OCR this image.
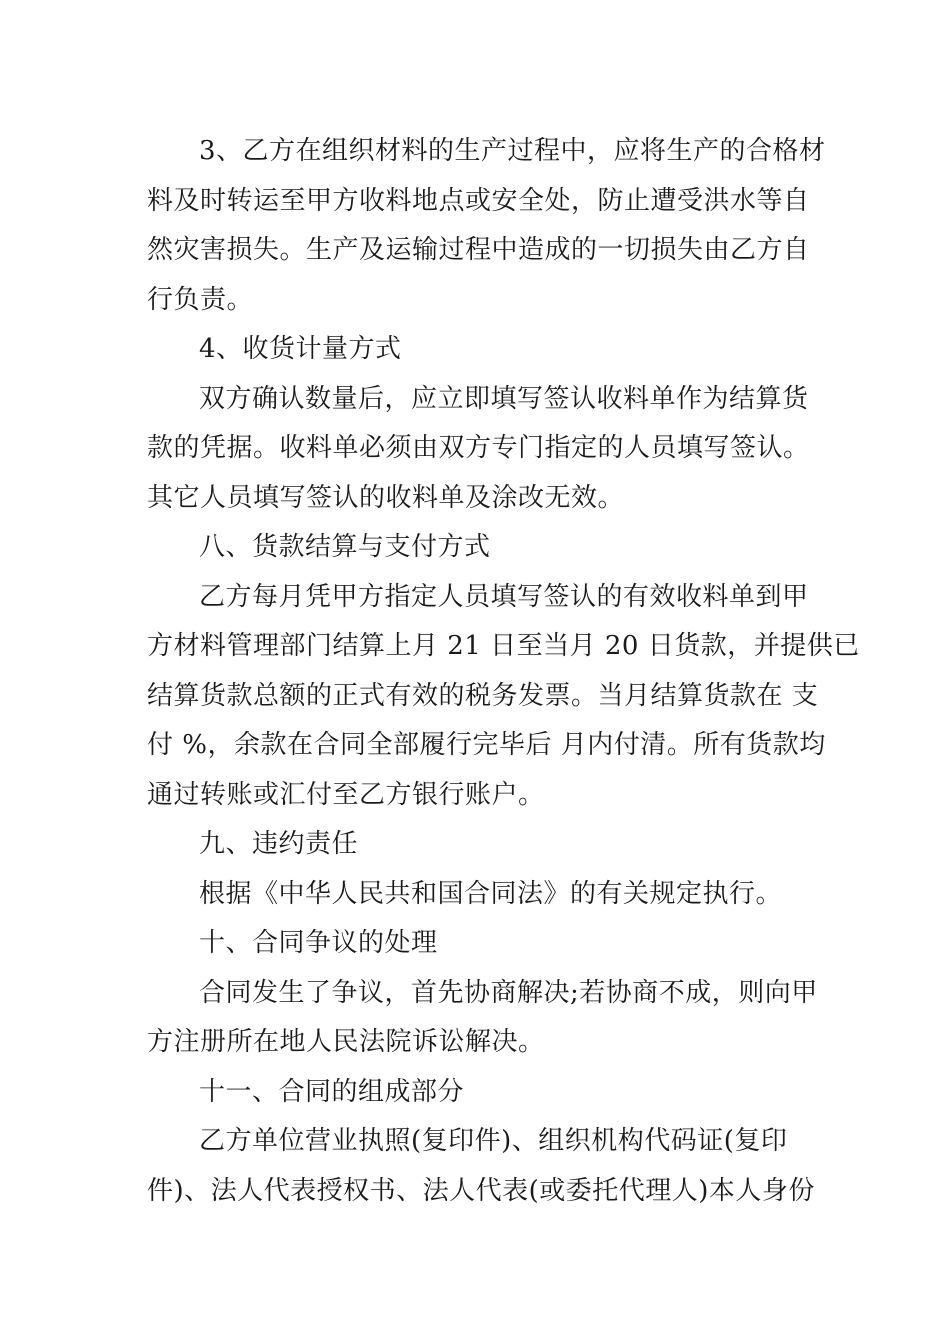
3、乙方在组织材料的生产过程中，应将生产的合格材
料及时转运至甲方收料地点或安全处，防止遭受洪水等自
然灾害损失。生产及运输过程中造成的一切损失由乙方自
行负责。
4、收货计量方式
双方确认数量后，应立即填写签认收料单作为结算货
款的凭据。收料单必须由双方专门指定的人员填写签认。
其它人员填写签认的收料单及涂改无效。
八、货款结算与支付方式
乙方每月凭甲方指定人员填写签认的有效收料单到甲
方材料管理部门结算上月 21 日至当月 20 日货款，并提供已
结算货款总额的正式有效的税务发票。当月结算货款在 支
付 %，余款在合同全部履行完毕后 月内付清。所有货款均
通过转账或汇付至乙方银行账户。
九、违约责任
根据《中华人民共和国合同法》的有关规定执行。
十、合同争议的处理
合同发生了争议，首先协商解决;若协商不成，则向甲
方注册所在地人民法院诉讼解决。
十一、合同的组成部分
乙方单位营业执照(复印件)、组织机构代码证(复印
件)、法人代表授权书、法人代表(或委托代理人)本人身份
